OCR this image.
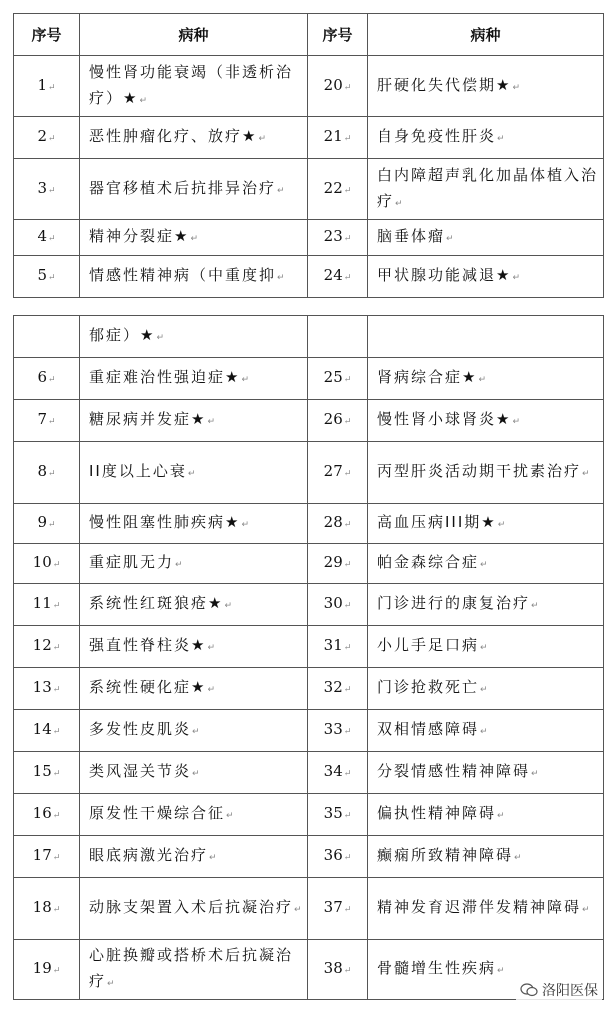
序号	病种	序号	病种
1↵	慢性肾功能衰竭（非透析治疗）★↵	20↵	肝硬化失代偿期★↵
2↵	恶性肿瘤化疗、放疗★↵	21↵	自身免疫性肝炎↵
3↵	器官移植术后抗排异治疗↵	22↵	白内障超声乳化加晶体植入治疗↵
4↵	精神分裂症★↵	23↵	脑垂体瘤↵
5↵	情感性精神病（中重度抑↵	24↵	甲状腺功能减退★↵
	郁症）★↵		
6↵	重症难治性强迫症★↵	25↵	肾病综合症★↵
7↵	糖尿病并发症★↵	26↵	慢性肾小球肾炎★↵
8↵	II度以上心衰↵	27↵	丙型肝炎活动期干扰素治疗↵
9↵	慢性阻塞性肺疾病★↵	28↵	高血压病III期★↵
10↵	重症肌无力↵	29↵	帕金森综合症↵
11↵	系统性红斑狼疮★↵	30↵	门诊进行的康复治疗↵
12↵	强直性脊柱炎★↵	31↵	小儿手足口病↵
13↵	系统性硬化症★↵	32↵	门诊抢救死亡↵
14↵	多发性皮肌炎↵	33↵	双相情感障碍↵
15↵	类风湿关节炎↵	34↵	分裂情感性精神障碍↵
16↵	原发性干燥综合征↵	35↵	偏执性精神障碍↵
17↵	眼底病激光治疗↵	36↵	癫痫所致精神障碍↵
18↵	动脉支架置入术后抗凝治疗↵	37↵	精神发育迟滞伴发精神障碍↵
19↵	心脏换瓣或搭桥术后抗凝治疗↵	38↵	骨髓增生性疾病↵
洛阳医保
